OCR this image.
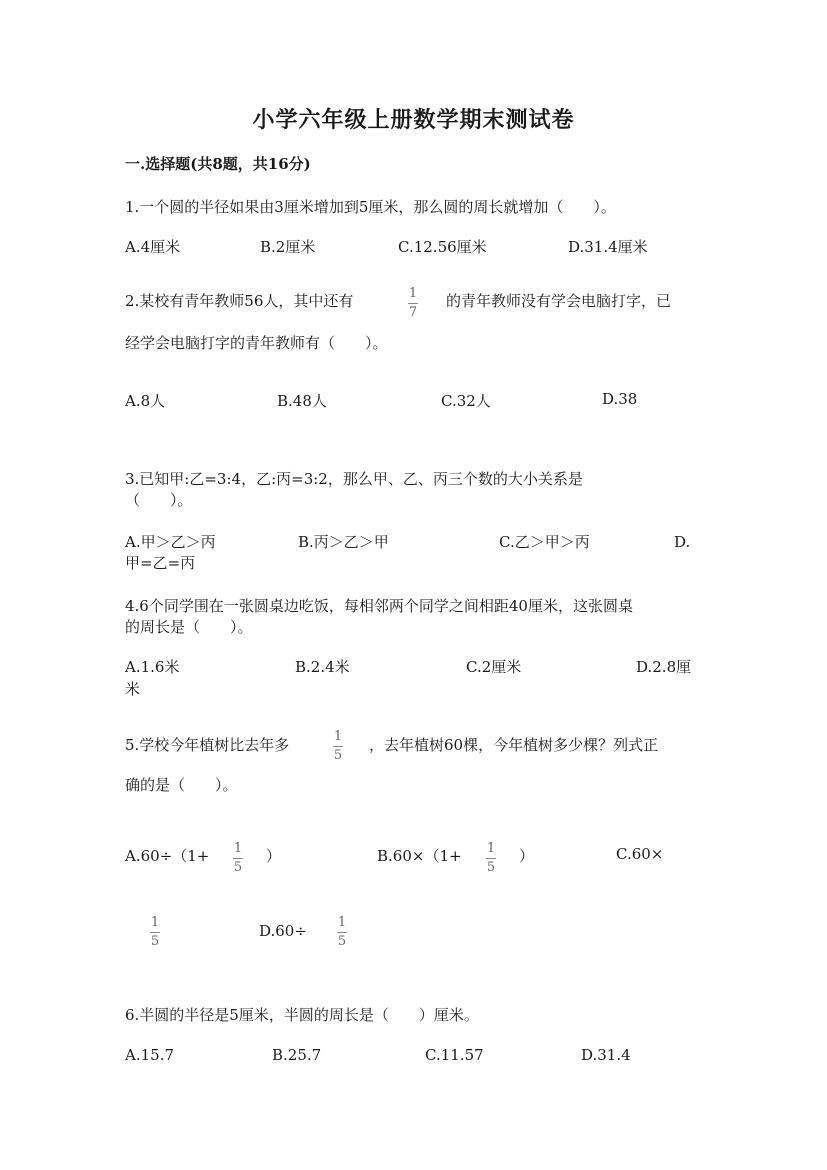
小学六年级上册数学期末测试卷
一.选择题(共8题，共16分)
1.一个圆的半径如果由3厘米增加到5厘米，那么圆的周长就增加（　　）。
A.4厘米	B.2厘米	C.12.56厘米	D.31.4厘米
2.某校有青年教师56人，其中还有	1
7
的青年教师没有学会电脑打字，已
经学会电脑打字的青年教师有（　　）。
A.8人	B.48人	C.32人	D.38
3.已知甲:乙=3:4，乙:丙=3:2，那么甲、乙、丙三个数的大小关系是
（　　）。
A.甲＞乙＞丙	B.丙＞乙＞甲	C.乙＞甲＞丙	D.
甲=乙=丙
4.6个同学围在一张圆桌边吃饭，每相邻两个同学之间相距40厘米，这张圆桌
的周长是（　　）。
A.1.6米	B.2.4米	C.2厘米	D.2.8厘
米
5.学校今年植树比去年多	1
5
，去年植树60棵，今年植树多少棵？列式正
确的是（　　）。
A.60÷（1+ 1
5
）	B.60×（1+ 1
5
）	C.60×
1
5
D.60÷ 1
5
6.半圆的半径是5厘米，半圆的周长是（　　）厘米。
A.15.7	B.25.7	C.11.57	D.31.4
